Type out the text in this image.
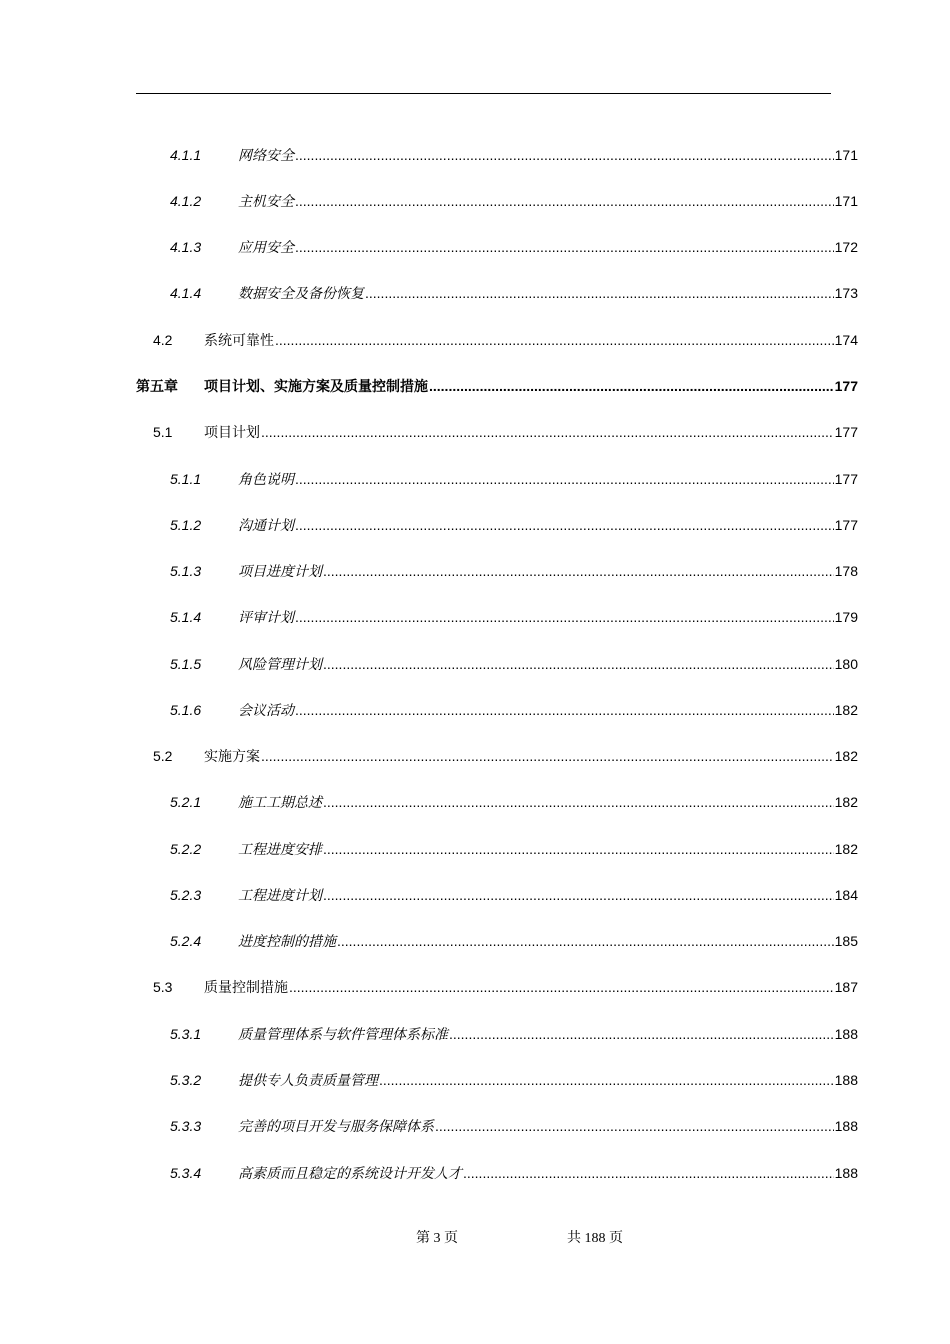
4.1.1	网络安全 .....	171
4.1.2	主机安全 .....	171
4.1.3	应用安全 .....	172
4.1.4	数据安全及备份恢复 .....	173
4.2 系统可靠性 .....	174
第五章 项目计划、实施方案及质量控制措施 .....	177
5.1 项目计划 .....	177
5.1.1	角色说明 .....	177
5.1.2	沟通计划 .....	177
5.1.3	项目进度计划 .....	178
5.1.4	评审计划 .....	179
5.1.5	风险管理计划 .....	180
5.1.6	会议活动 .....	182
5.2 实施方案 .....	182
5.2.1	施工工期总述 .....	182
5.2.2	工程进度安排 .....	182
5.2.3	工程进度计划 .....	184
5.2.4	进度控制的措施 .....	185
5.3 质量控制措施 .....	187
5.3.1	质量管理体系与软件管理体系标准 .....	188
5.3.2	提供专人负责质量管理 .....	188
5.3.3	完善的项目开发与服务保障体系 .....	188
5.3.4	高素质而且稳定的系统设计开发人才 .....	188
第 3 页	共 188 页
